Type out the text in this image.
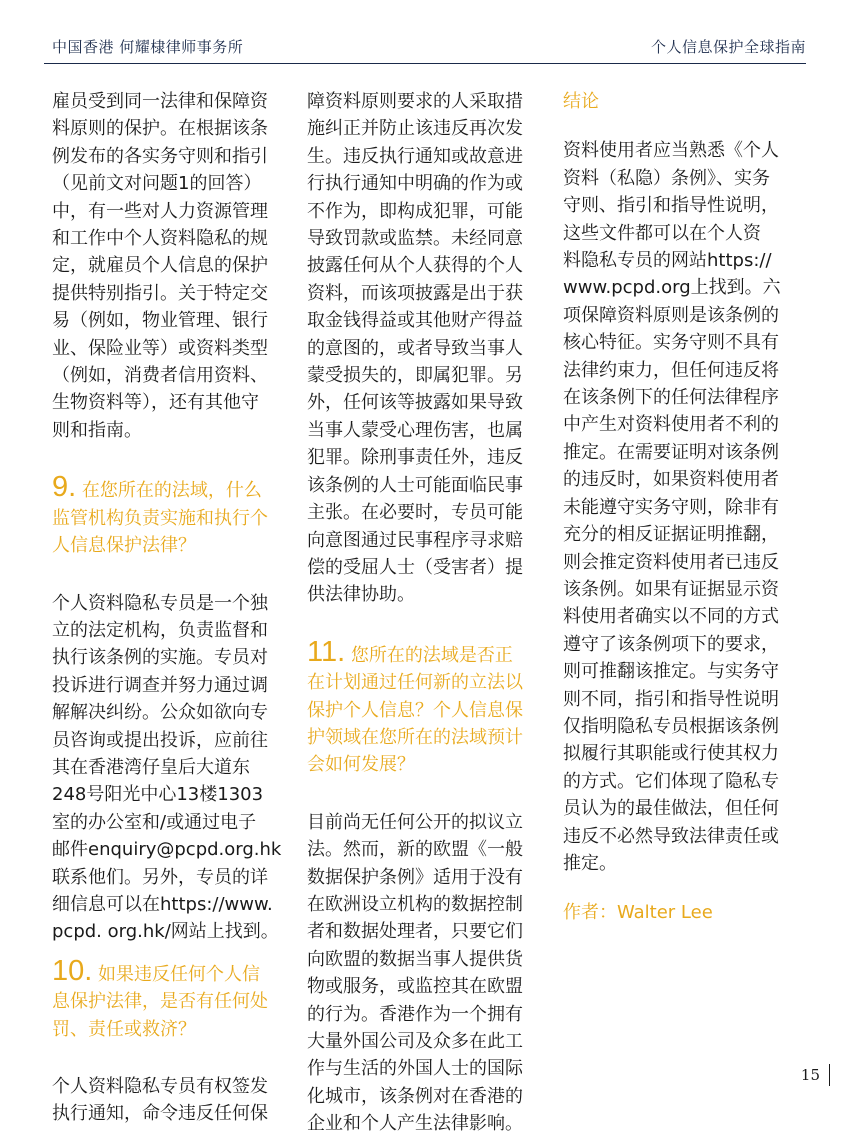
中国香港 何耀棣律师事务所	个人信息保护全球指南

雇员受到同一法律和保障资
料原则的保护。在根据该条
例发布的各实务守则和指引
（见前文对问题1的回答）
中，有一些对人力资源管理
和工作中个人资料隐私的规
定，就雇员个人信息的保护
提供特别指引。关于特定交
易（例如，物业管理、银行
业、保险业等）或资料类型
（例如，消费者信用资料、
生物资料等），还有其他守
则和指南。

9. 在您所在的法域，什么
监管机构负责实施和执行个
人信息保护法律？

个人资料隐私专员是一个独
立的法定机构，负责监督和
执行该条例的实施。专员对
投诉进行调查并努力通过调
解解决纠纷。公众如欲向专
员咨询或提出投诉，应前往
其在香港湾仔皇后大道东
248号阳光中心13楼1303
室的办公室和/或通过电子
邮件enquiry@pcpd.org.hk
联系他们。另外，专员的详
细信息可以在https://www.
pcpd. org.hk/网站上找到。

10. 如果违反任何个人信
息保护法律，是否有任何处
罚、责任或救济？

个人资料隐私专员有权签发
执行通知，命令违反任何保

障资料原则要求的人采取措
施纠正并防止该违反再次发
生。违反执行通知或故意进
行执行通知中明确的作为或
不作为，即构成犯罪，可能
导致罚款或监禁。未经同意
披露任何从个人获得的个人
资料，而该项披露是出于获
取金钱得益或其他财产得益
的意图的，或者导致当事人
蒙受损失的，即属犯罪。另
外，任何该等披露如果导致
当事人蒙受心理伤害，也属
犯罪。除刑事责任外，违反
该条例的人士可能面临民事
主张。在必要时，专员可能
向意图通过民事程序寻求赔
偿的受屈人士（受害者）提
供法律协助。

11. 您所在的法域是否正
在计划通过任何新的立法以
保护个人信息？个人信息保
护领域在您所在的法域预计
会如何发展？

目前尚无任何公开的拟议立
法。然而，新的欧盟《一般
数据保护条例》适用于没有
在欧洲设立机构的数据控制
者和数据处理者，只要它们
向欧盟的数据当事人提供货
物或服务，或监控其在欧盟
的行为。香港作为一个拥有
大量外国公司及众多在此工
作与生活的外国人士的国际
化城市，该条例对在香港的
企业和个人产生法律影响。

结论

资料使用者应当熟悉《个人
资料（私隐）条例》、实务
守则、指引和指导性说明，
这些文件都可以在个人资
料隐私专员的网站https://
www.pcpd.org上找到。六
项保障资料原则是该条例的
核心特征。实务守则不具有
法律约束力，但任何违反将
在该条例下的任何法律程序
中产生对资料使用者不利的
推定。在需要证明对该条例
的违反时，如果资料使用者
未能遵守实务守则，除非有
充分的相反证据证明推翻，
则会推定资料使用者已违反
该条例。如果有证据显示资
料使用者确实以不同的方式
遵守了该条例项下的要求，
则可推翻该推定。与实务守
则不同，指引和指导性说明
仅指明隐私专员根据该条例
拟履行其职能或行使其权力
的方式。它们体现了隐私专
员认为的最佳做法，但任何
违反不必然导致法律责任或
推定。

作者：Walter Lee

15
